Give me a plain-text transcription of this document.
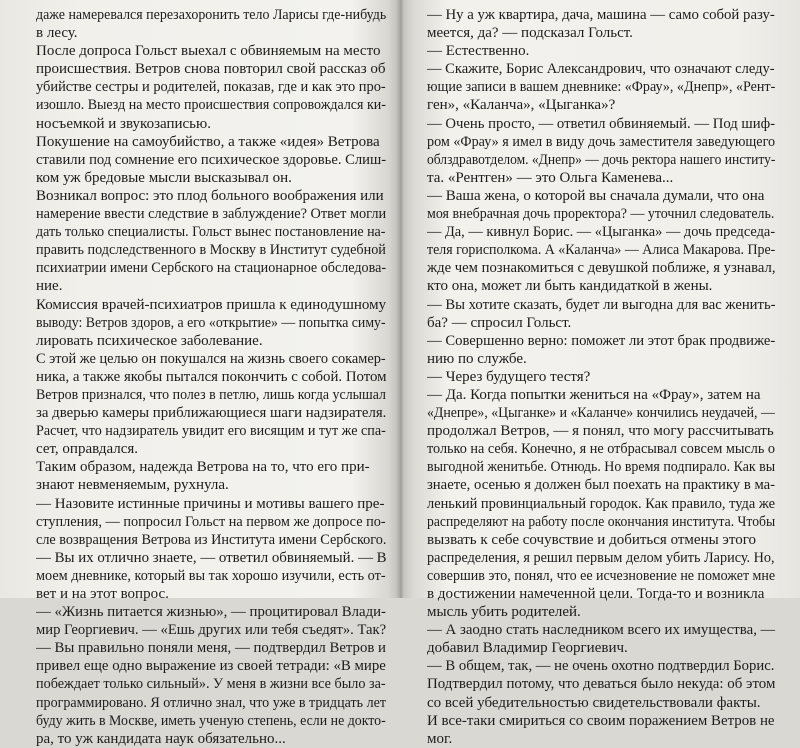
даже намеревался перезахоронить тело Ларисы где-нибудь
в лесу.
После допроса Гольст выехал с обвиняемым на место
происшествия. Ветров снова повторил свой рассказ об
убийстве сестры и родителей, показав, где и как это про-
изошло. Выезд на место происшествия сопровождался ки-
носъемкой и звукозаписью.
Покушение на самоубийство, а также «идея» Ветрова
ставили под сомнение его психическое здоровье. Слиш-
ком уж бредовые мысли высказывал он.
Возникал вопрос: это плод больного воображения или
намерение ввести следствие в заблуждение? Ответ могли
дать только специалисты. Гольст вынес постановление на-
править подследственного в Москву в Институт судебной
психиатрии имени Сербского на стационарное обследова-
ние.
Комиссия врачей-психиатров пришла к единодушному
выводу: Ветров здоров, а его «открытие» — попытка симу-
лировать психическое заболевание.
С этой же целью он покушался на жизнь своего сокамер-
ника, а также якобы пытался покончить с собой. Потом
Ветров признался, что полез в петлю, лишь когда услышал
за дверью камеры приближающиеся шаги надзирателя.
Расчет, что надзиратель увидит его висящим и тут же спа-
сет, оправдался.
Таким образом, надежда Ветрова на то, что его при-
знают невменяемым, рухнула.
— Назовите истинные причины и мотивы вашего пре-
ступления, — попросил Гольст на первом же допросе по-
сле возвращения Ветрова из Института имени Сербского.
— Вы их отлично знаете, — ответил обвиняемый. — В
моем дневнике, который вы так хорошо изучили, есть от-
вет и на этот вопрос.
— «Жизнь питается жизнью», — процитировал Влади-
мир Георгиевич. — «Ешь других или тебя съедят». Так?
— Вы правильно поняли меня, — подтвердил Ветров и
привел еще одно выражение из своей тетради: «В мире
побеждает только сильный». У меня в жизни все было за-
программировано. Я отлично знал, что уже в тридцать лет
буду жить в Москве, иметь ученую степень, если не докто-
ра, то уж кандидата наук обязательно...
— Ну а уж квартира, дача, машина — само собой разу-
меется, да? — подсказал Гольст.
— Естественно.
— Скажите, Борис Александрович, что означают следу-
ющие записи в вашем дневнике: «Фрау», «Днепр», «Рент-
ген», «Каланча», «Цыганка»?
— Очень просто, — ответил обвиняемый. — Под шиф-
ром «Фрау» я имел в виду дочь заместителя заведующего
облздравотделом. «Днепр» — дочь ректора нашего институ-
та. «Рентген» — это Ольга Каменева...
— Ваша жена, о которой вы сначала думали, что она
моя внебрачная дочь проректора? — уточнил следователь.
— Да, — кивнул Борис. — «Цыганка» — дочь председа-
теля горисполкома. А «Каланча» — Алиса Макарова. Пре-
жде чем познакомиться с девушкой поближе, я узнавал,
кто она, может ли быть кандидаткой в жены.
— Вы хотите сказать, будет ли выгодна для вас женить-
ба? — спросил Гольст.
— Совершенно верно: поможет ли этот брак продвиже-
нию по службе.
— Через будущего тестя?
— Да. Когда попытки жениться на «Фрау», затем на
«Днепре», «Цыганке» и «Каланче» кончились неудачей, —
продолжал Ветров, — я понял, что могу рассчитывать
только на себя. Конечно, я не отбрасывал совсем мысль о
выгодной женитьбе. Отнюдь. Но время подпирало. Как вы
знаете, осенью я должен был поехать на практику в ма-
ленький провинциальный городок. Как правило, туда же
распределяют на работу после окончания института. Чтобы
вызвать к себе сочувствие и добиться отмены этого
распределения, я решил первым делом убить Ларису. Но,
совершив это, понял, что ее исчезновение не поможет мне
в достижении намеченной цели. Тогда-то и возникла
мысль убить родителей.
— А заодно стать наследником всего их имущества, —
добавил Владимир Георгиевич.
— В общем, так, — не очень охотно подтвердил Борис.
Подтвердил потому, что деваться было некуда: об этом
со всей убедительностью свидетельствовали факты.
И все-таки смириться со своим поражением Ветров не
мог.
